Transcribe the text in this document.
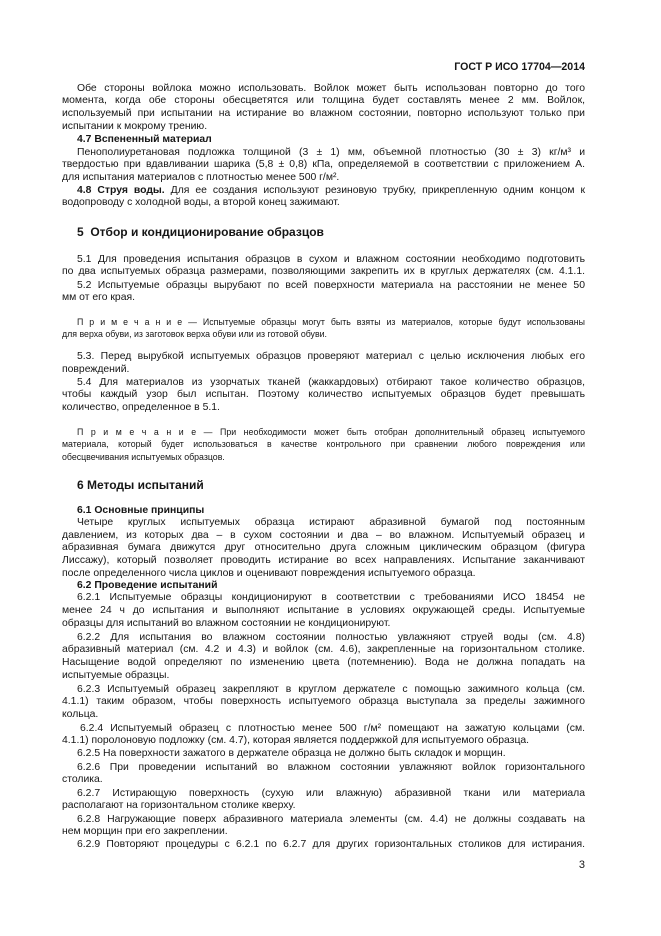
ГОСТ Р ИСО 17704—2014
Обе стороны войлока можно использовать. Войлок может быть использован повторно до того
момента, когда обе стороны обесцветятся или толщина будет составлять менее 2 мм. Войлок,
используемый при испытании на истирание во влажном состоянии, повторно используют только при
испытании к мокрому трению.
4.7 Вспененный материал
Пенополиуретановая подложка толщиной (3 ± 1) мм, объемной плотностью (30 ± 3) кг/м³ и
твердостью при вдавливании шарика (5,8 ± 0,8) кПа, определяемой в соответствии с приложением А.
для испытания материалов с плотностью менее 500 г/м².
4.8 Струя воды. Для ее создания используют резиновую трубку, прикрепленную одним концом к
водопроводу с холодной воды, а второй конец зажимают.
5  Отбор и кондиционирование образцов
5.1 Для проведения испытания образцов в сухом и влажном состоянии необходимо подготовить
по два испытуемых образца размерами, позволяющими закрепить их в круглых держателях (см. 4.1.1.
5.2 Испытуемые образцы вырубают по всей поверхности материала на расстоянии не менее 50
мм от его края.
П р и м е ч а н и е — Испытуемые образцы могут быть взяты из материалов, которые будут использованы
для верха обуви, из заготовок верха обуви или из готовой обуви.
5.3. Перед вырубкой испытуемых образцов проверяют материал с целью исключения любых его
повреждений.
5.4 Для материалов из узорчатых тканей (жаккардовых) отбирают такое количество образцов,
чтобы каждый узор был испытан. Поэтому количество испытуемых образцов будет превышать
количество, определенное в 5.1.
П р и м е ч а н и е — При необходимости может быть отобран дополнительный образец испытуемого
материала, который будет использоваться в качестве контрольного при сравнении любого повреждения или
обесцвечивания испытуемых образцов.
6 Методы испытаний
6.1 Основные принципы
Четыре круглых испытуемых образца истирают абразивной бумагой под постоянным
давлением, из которых два – в сухом состоянии и два – во влажном. Испытуемый образец и
абразивная бумага движутся друг относительно друга сложным циклическим образцом (фигура
Лиссажу), который позволяет проводить истирание во всех направлениях. Испытание заканчивают
после определенного числа циклов и оценивают повреждения испытуемого образца.
6.2 Проведение испытаний
6.2.1 Испытуемые образцы кондиционируют в соответствии с требованиями ИСО 18454 не
менее 24 ч до испытания и выполняют испытание в условиях окружающей среды. Испытуемые
образцы для испытаний во влажном состоянии не кондиционируют.
6.2.2 Для испытания во влажном состоянии полностью увлажняют струей воды (см. 4.8)
абразивный материал (см. 4.2 и 4.3) и войлок (см. 4.6), закрепленные на горизонтальном столике.
Насыщение водой определяют по изменению цвета (потемнению). Вода не должна попадать на
испытуемые образцы.
6.2.3 Испытуемый образец закрепляют в круглом держателе с помощью зажимного кольца (см.
4.1.1) таким образом, чтобы поверхность испытуемого образца выступала за пределы зажимного
кольца.
6.2.4 Испытуемый образец с плотностью менее 500 г/м² помещают на зажатую кольцами (см.
4.1.1) поролоновую подложку (см. 4.7), которая является поддержкой для испытуемого образца.
6.2.5 На поверхности зажатого в держателе образца не должно быть складок и морщин.
6.2.6 При проведении испытаний во влажном состоянии увлажняют войлок горизонтального
столика.
6.2.7 Истирающую поверхность (сухую или влажную) абразивной ткани или материала
располагают на горизонтальном столике кверху.
6.2.8 Нагружающие поверх абразивного материала элементы (см. 4.4) не должны создавать на
нем морщин при его закреплении.
6.2.9 Повторяют процедуры с 6.2.1 по 6.2.7 для других горизонтальных столиков для истирания.
3
